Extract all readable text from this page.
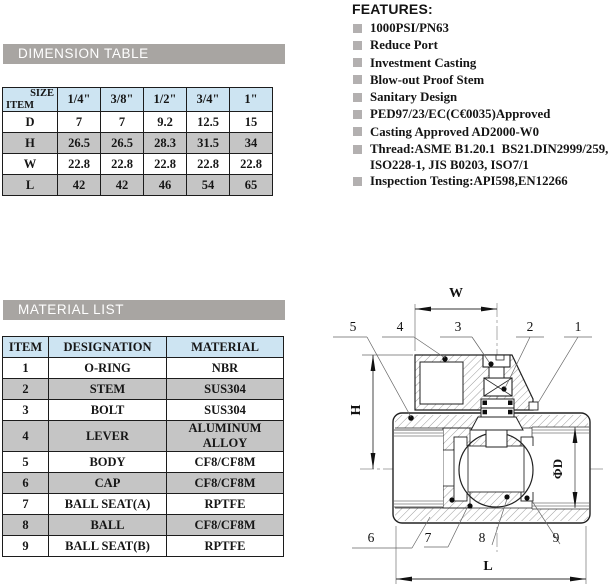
DIMENSION TABLE
SIZE
ITEM	1/4"	3/8"	1/2"	3/4"	1"
D	7	7	9.2	12.5	15
H	26.5	26.5	28.3	31.5	34
W	22.8	22.8	22.8	22.8	22.8
L	42	42	46	54	65
FEATURES:
1000PSI/PN63
Reduce Port
Investment Casting
Blow-out Proof Stem
Sanitary Design
PED97/23/EC(C€0035)Approved
Casting Approved AD2000-W0
Thread:ASME B1.20.1  BS21.DIN2999/259, ISO228-1, JIS B0203, ISO7/1
Inspection Testing:API598,EN12266
MATERIAL LIST
ITEM	DESIGNATION	MATERIAL
1	O-RING	NBR
2	STEM	SUS304
3	BOLT	SUS304
4	LEVER	ALUMINUM ALLOY
5	BODY	CF8/CF8M
6	CAP	CF8/CF8M
7	BALL SEAT(A)	RPTFE
8	BALL	CF8/CF8M
9	BALL SEAT(B)	RPTFE
W
H
L
ΦD
5	4	3	2	1
6	7	8	9
